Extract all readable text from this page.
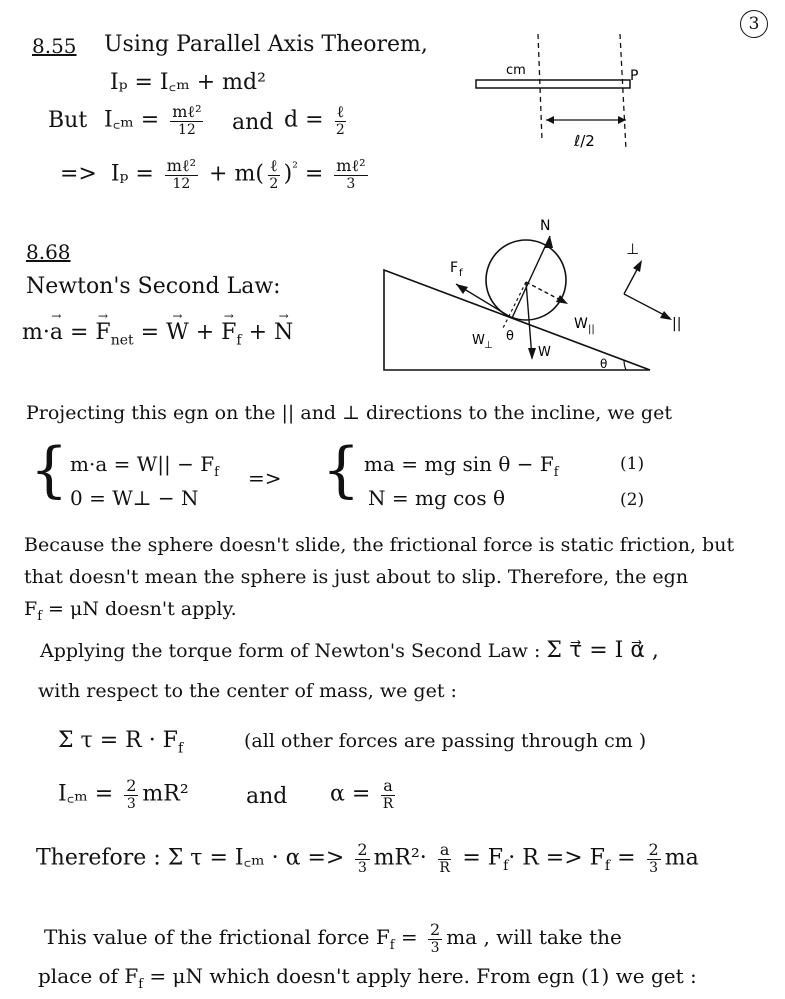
3
8.55 Using Parallel Axis Theorem,
Iₚ = I꜀ₘ + md²
But I꜀ₘ = $\frac{\text{mℓ²}}{12}$ and $d = \frac{\text{ℓ}}{2}$
=> $I_p = \frac{\text{mℓ²}}{12} + m( \frac{\text{ℓ}}{2} )^{^2} = \frac{\text{mℓ²}}{3}$
cm	P
ℓ/2
8.68
Newton's Second Law:
m·a → = $F \to_{net} = W$ → + $F \to_f + N$ →
N
F f
W ||
W ⊥	W
θ
θ
⊥
||
Projecting this egn on the || and ⊥ directions to the incline, we get
{ $m\cdot a = W|| - F_f$
0 = W⊥ − N
=> { ma = mg $\sin \theta - F_f$
N = mg cos θ
(1)
(2)
Because the sphere doesn't slide, the frictional force is static friction, but
that doesn't mean the sphere is just about to slip. Therefore, the egn
$F_f = \mu N$ doesn't apply.
Applying the torque form of Newton's Second Law : Σ τ⃗ = I α⃗ ,
with respect to the center of mass, we get :
Σ $\tau = R \cdot F_f$	(all other forces are passing through cm )
I꜀ₘ = $\frac{2}{3} mR^2$	and $\alpha = \frac{a}{R}$
Therefore : Σ τ = I꜀ₘ · $\alpha => \frac{2}{3} mR^2\cdot \frac{a}{R} = F_f\cdot R => F_f = \frac{2}{3}$ ma
This value of the frictional force $F_f = \frac{2}{3}$ ma , will take the
place of $F_f = \mu N$ which doesn't apply here. From egn (1) we get :
